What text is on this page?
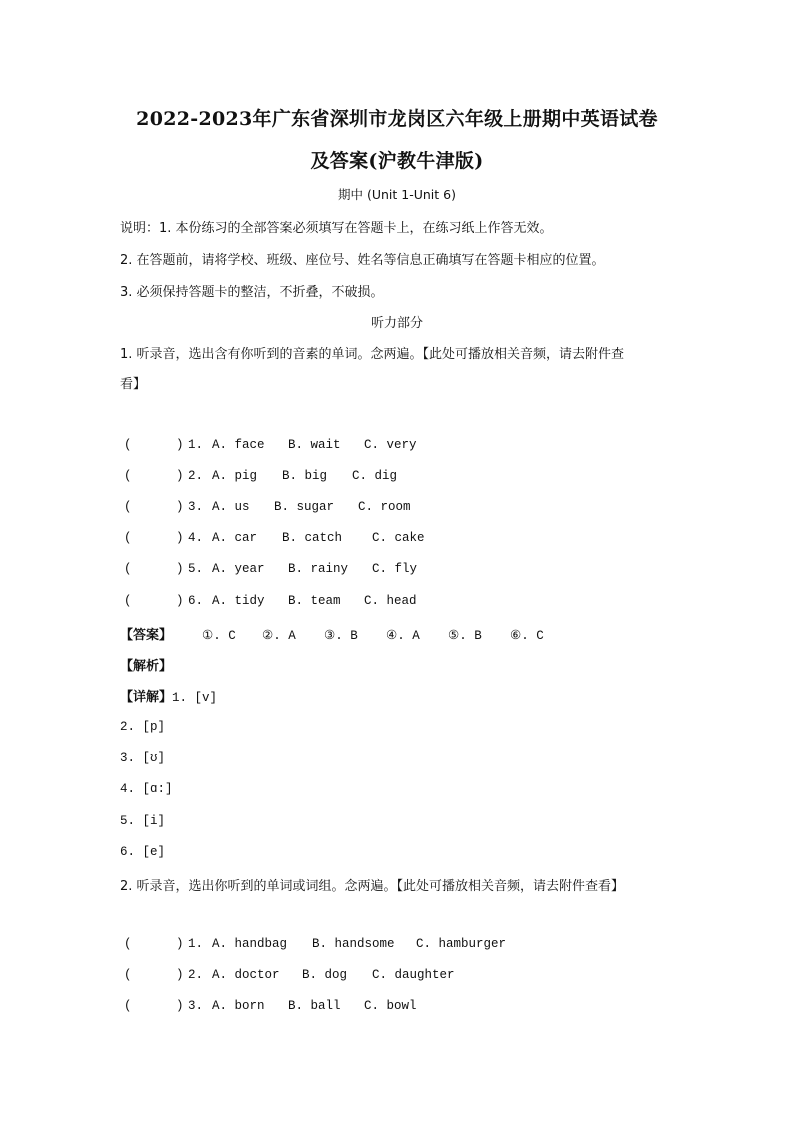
2022-2023年广东省深圳市龙岗区六年级上册期中英语试卷
及答案(沪教牛津版)
期中 (Unit 1-Unit 6)
说明：1. 本份练习的全部答案必须填写在答题卡上，在练习纸上作答无效。
2. 在答题前，请将学校、班级、座位号、姓名等信息正确填写在答题卡相应的位置。
3. 必须保持答题卡的整洁，不折叠，不破损。
听力部分
1. 听录音，选出含有你听到的音素的单词。念两遍。【此处可播放相关音频，请去附件查
看】
(	) 1. A. face B. wait C. very
(	) 2. A. pig B. big C. dig
(	) 3. A. us B. sugar C. room
(	) 4. A. car B. catch C. cake
(	) 5. A. year B. rainy C. fly
(	) 6. A. tidy B. team C. head
【答案】 ①. C ②. A ③. B ④. A ⑤. B ⑥. C
【解析】
【详解】1. [v]
2. [p]
3. [ʊ]
4. [ɑ:]
5. [i]
6. [e]
2. 听录音，选出你听到的单词或词组。念两遍。【此处可播放相关音频，请去附件查看】
(	) 1. A. handbag B. handsome C. hamburger
(	) 2. A. doctor B. dog C. daughter
(	) 3. A. born B. ball C. bowl
